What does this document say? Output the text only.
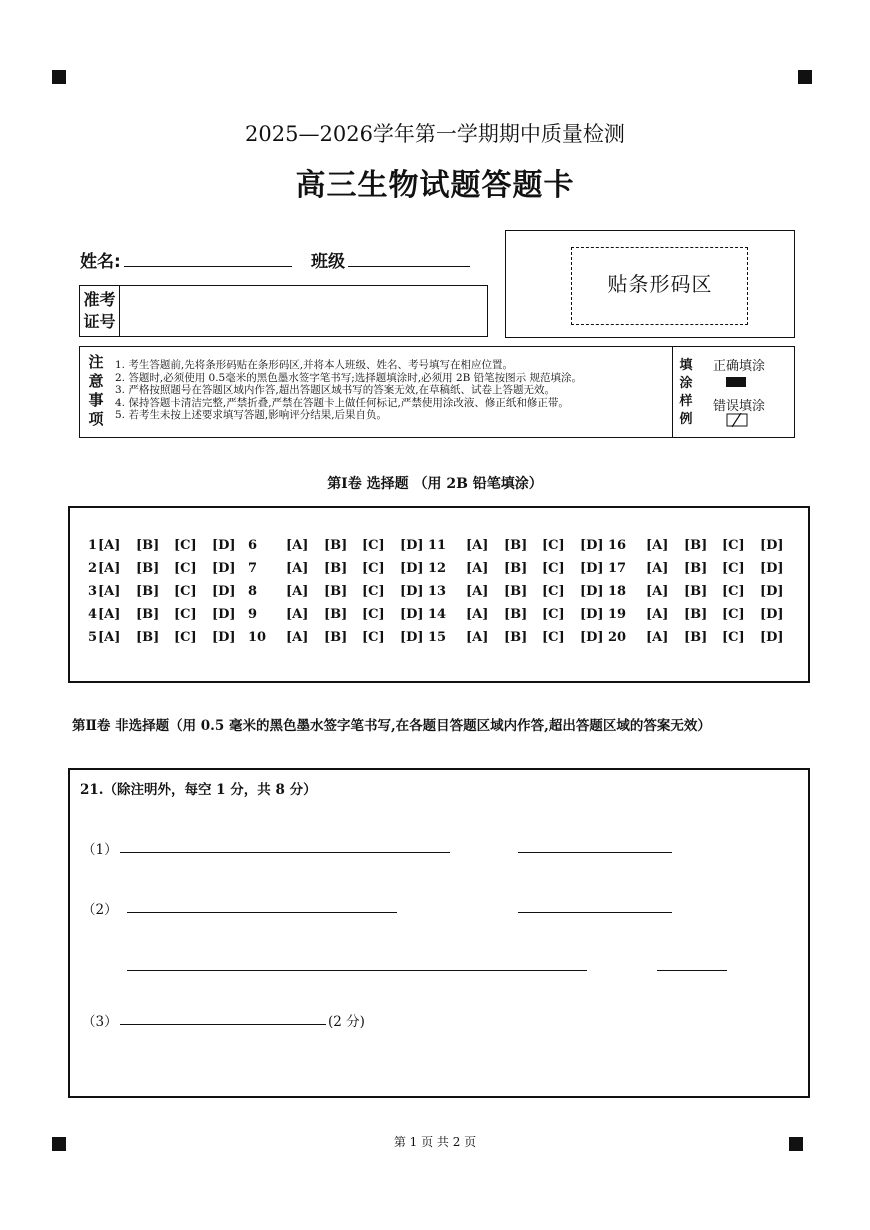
2025—2026学年第一学期期中质量检测
高三生物试题答题卡
姓名:	班级
准考
证号
贴条形码区
注
意
事
项
1. 考生答题前,先将条形码贴在条形码区,并将本人班级、姓名、考号填写在相应位置。
2. 答题时,必须使用 0.5毫米的黑色墨水签字笔书写;选择题填涂时,必须用 2B 铅笔按图示 规范填涂。
3. 严格按照题号在答题区域内作答,超出答题区域书写的答案无效,在草稿纸、试卷上答题无效。
4. 保持答题卡清洁完整,严禁折叠,严禁在答题卡上做任何标记,严禁使用涂改液、修正纸和修正带。
5. 若考生未按上述要求填写答题,影响评分结果,后果自负。
填
涂
样
例
正确填涂
错误填涂
第Ⅰ卷 选择题 （用 2B 铅笔填涂）
1 [A] [B] [C] [D]
2 [A] [B] [C] [D]
3 [A] [B] [C] [D]
4 [A] [B] [C] [D]
5 [A] [B] [C] [D]
6 [A] [B] [C] [D]
7 [A] [B] [C] [D]
8 [A] [B] [C] [D]
9 [A] [B] [C] [D]
10 [A] [B] [C] [D]
11 [A] [B] [C] [D]
12 [A] [B] [C] [D]
13 [A] [B] [C] [D]
14 [A] [B] [C] [D]
15 [A] [B] [C] [D]
16 [A] [B] [C] [D]
17 [A] [B] [C] [D]
18 [A] [B] [C] [D]
19 [A] [B] [C] [D]
20 [A] [B] [C] [D]
第Ⅱ卷 非选择题（用 0.5 毫米的黑色墨水签字笔书写,在各题目答题区域内作答,超出答题区域的答案无效）
21.（除注明外，每空 1 分，共 8 分）
（1）
（2）
（3）	(2 分)
第 1 页 共 2 页
